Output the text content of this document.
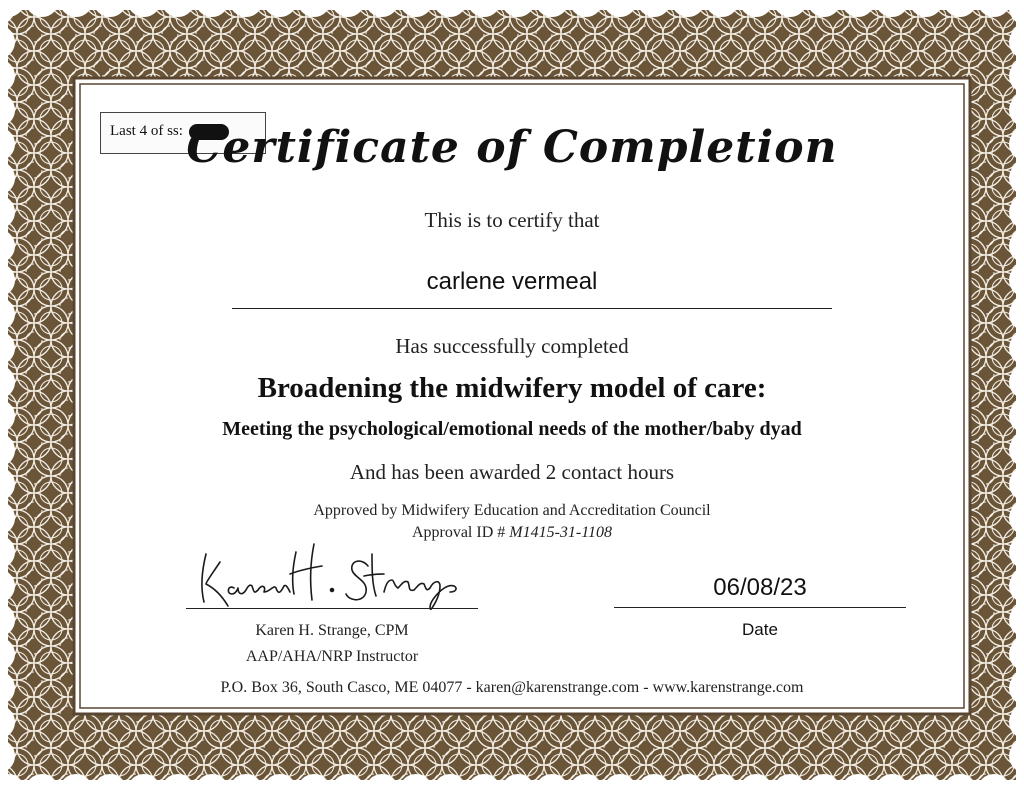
Last 4 of ss: Certificate of Completion
This is to certify that
carlene vermeal
Has successfully completed
Broadening the midwifery model of care:
Meeting the psychological/emotional needs of the mother/baby dyad
And has been awarded 2 contact hours
Approved by Midwifery Education and Accreditation Council
Approval ID # M1415-31-1108
Karen H. Strange, CPM
AAP/AHA/NRP Instructor
06/08/23
Date
P.O. Box 36, South Casco, ME 04077 - karen@karenstrange.com - www.karenstrange.com
